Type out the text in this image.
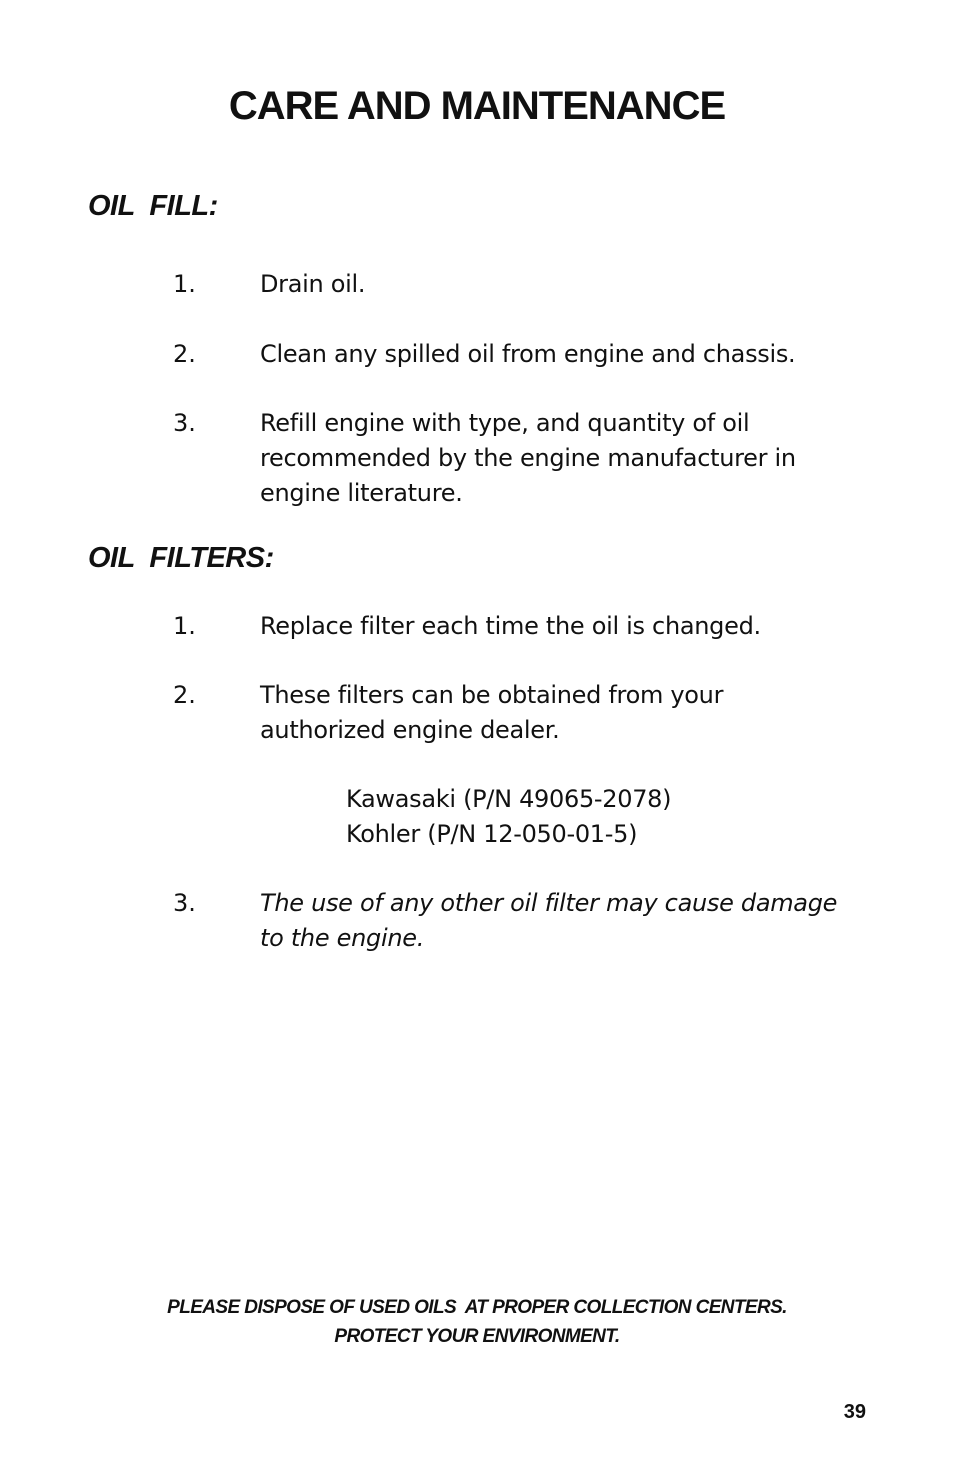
CARE AND MAINTENANCE
OIL  FILL:
1.	Drain oil.
2.	Clean any spilled oil from engine and chassis.
3.	Refill engine with type, and quantity of oil recommended by the engine manufacturer in engine literature.
OIL  FILTERS:
1.	Replace filter each time the oil is changed.
2.	These filters can be obtained from your authorized engine dealer.
Kawasaki (P/N 49065-2078)
Kohler (P/N 12-050-01-5)
3.	The use of any other oil filter may cause damage to the engine.
PLEASE DISPOSE OF USED OILS  AT PROPER COLLECTION CENTERS.
PROTECT YOUR ENVIRONMENT.
39
